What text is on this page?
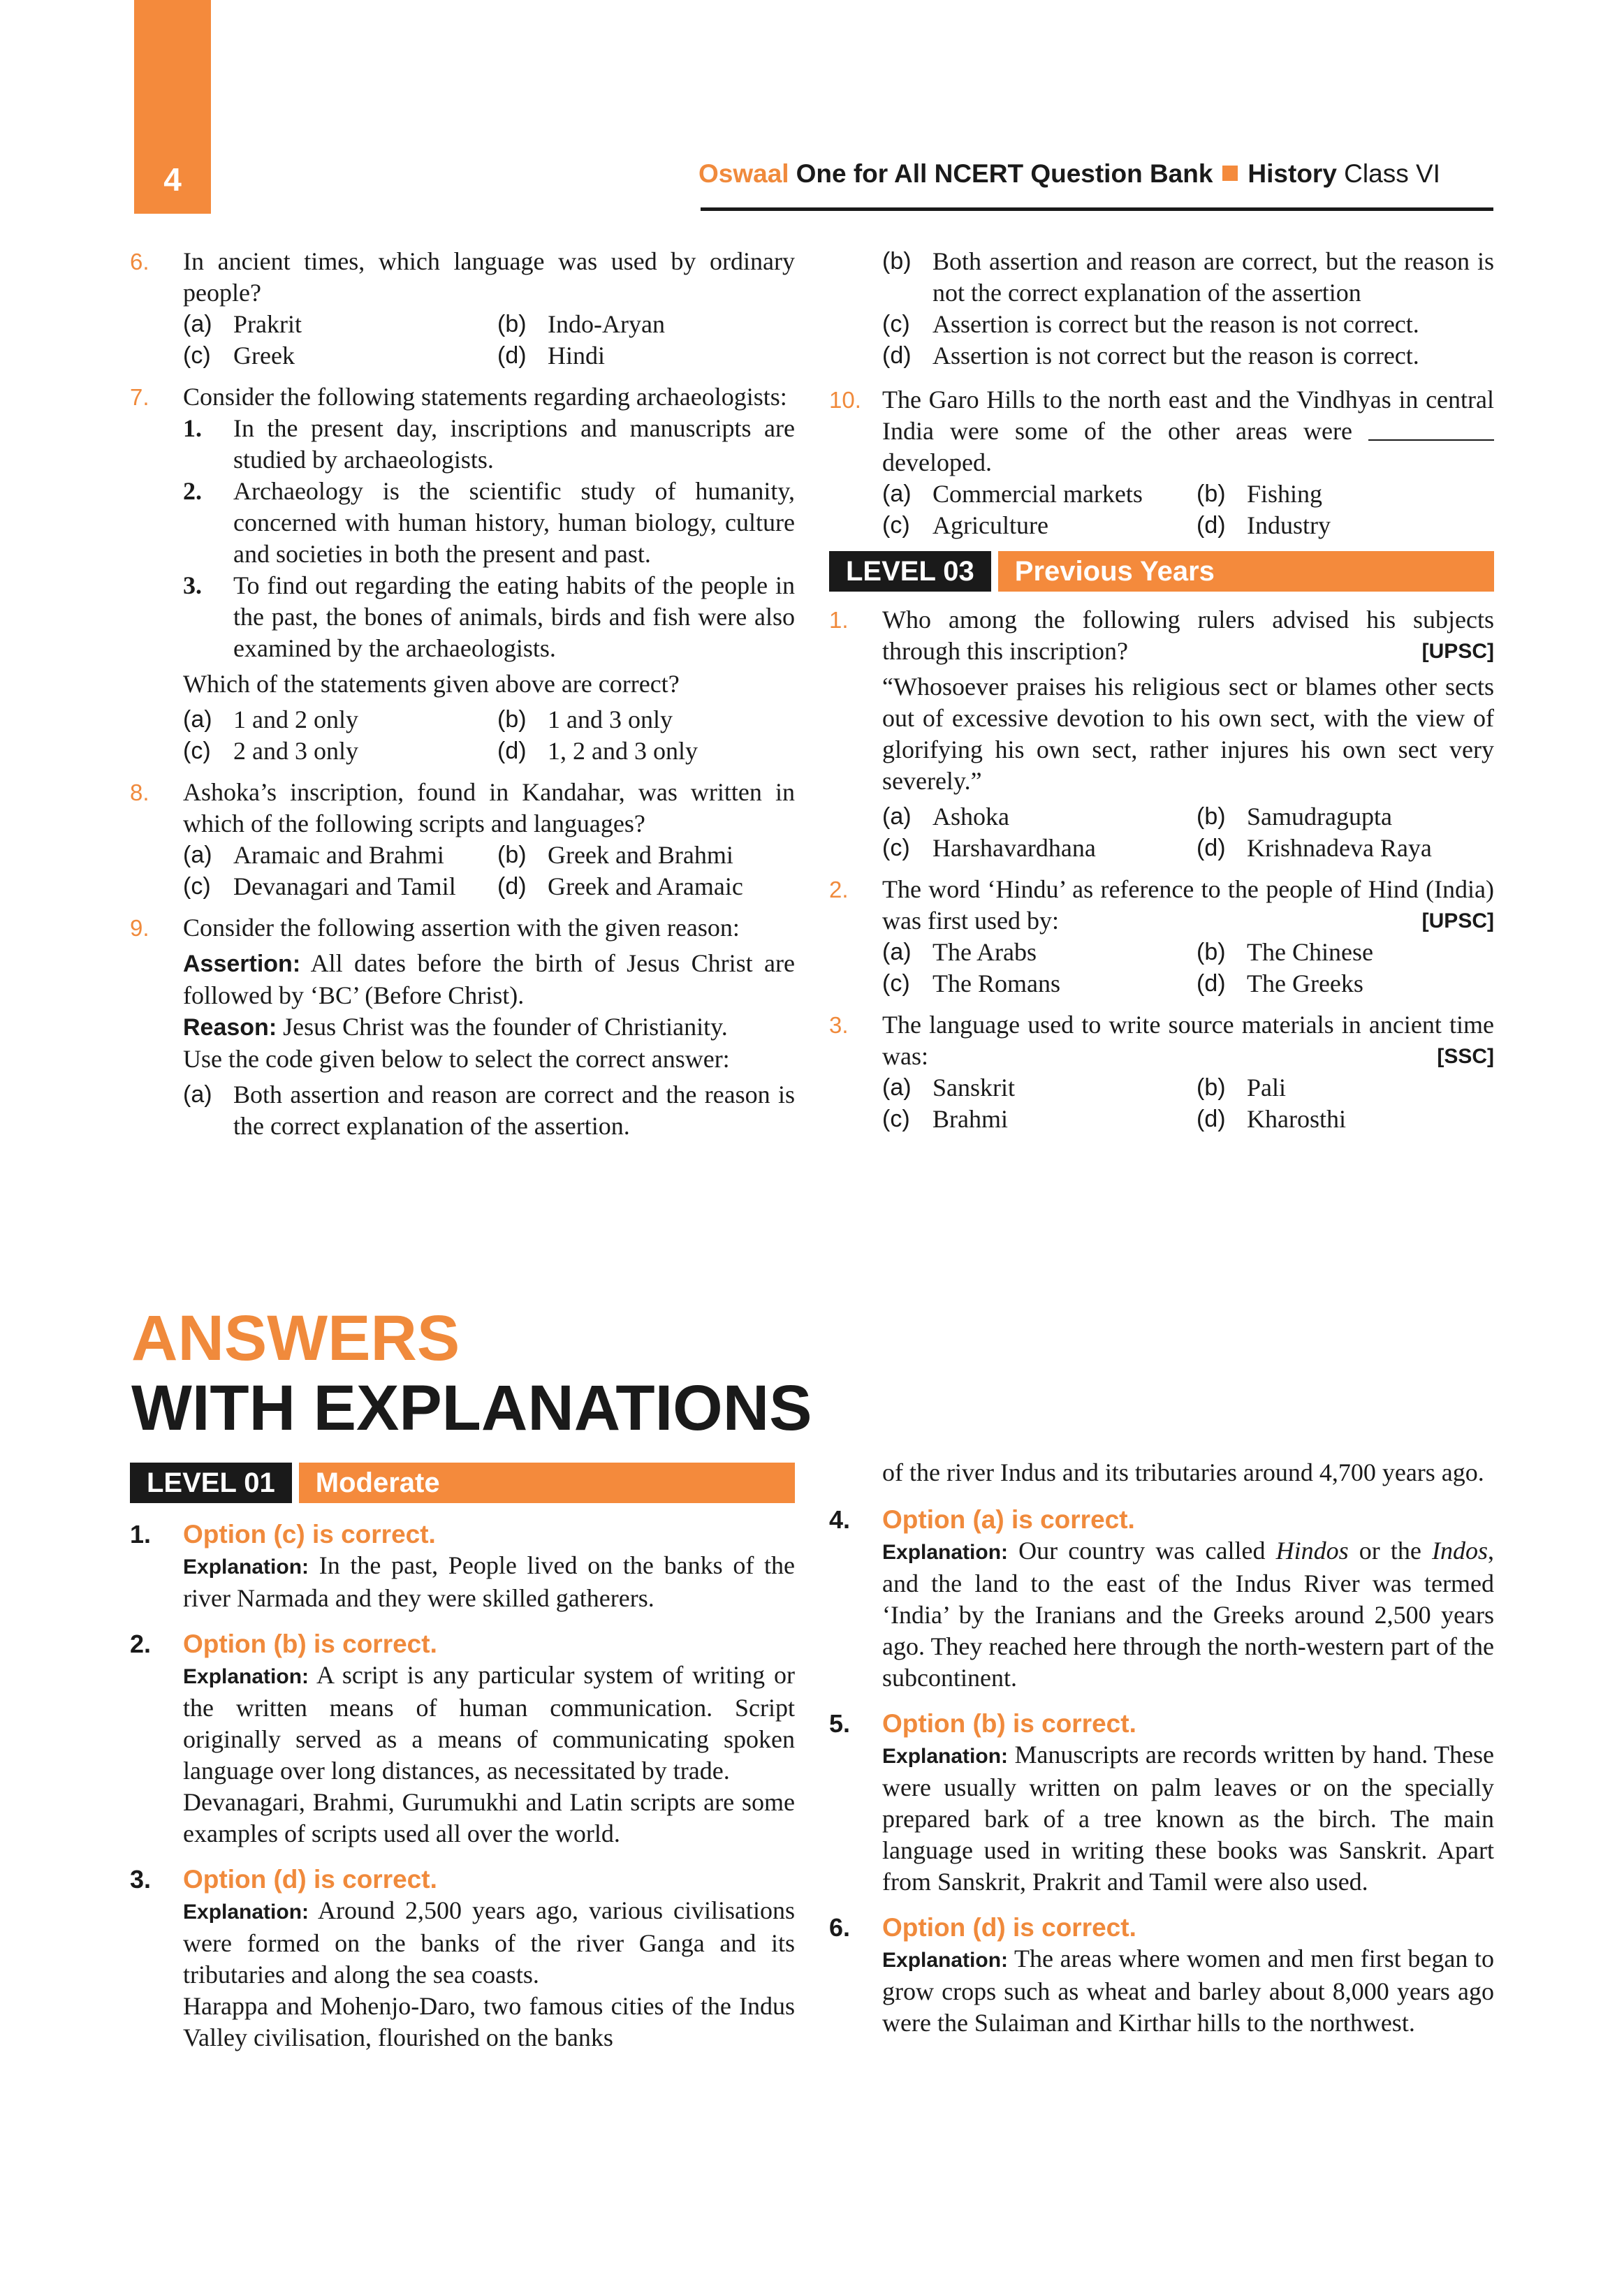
4	Oswaal One for All NCERT Question Bank History Class VI
6. In ancient times, which language was used by ordinary people?

(a) Prakrit	(b) Indo-Aryan
(c) Greek	(d) Hindi
7. Consider the following statements regarding archaeologists:

1. In the present day, inscriptions and manuscripts are studied by archaeologists.
2. Archaeology is the scientific study of humanity, concerned with human history, human biology, culture and societies in both the present and past.
3. To find out regarding the eating habits of the people in the past, the bones of animals, birds and fish were also examined by the archaeologists.

Which of the statements given above are correct?

(a) 1 and 2 only	(b) 1 and 3 only
(c) 2 and 3 only	(d) 1, 2 and 3 only
8. Ashoka’s inscription, found in Kandahar, was written in which of the following scripts and languages?

(a) Aramaic and Brahmi	(b) Greek and Brahmi
(c) Devanagari and Tamil	(d) Greek and Aramaic
9. Consider the following assertion with the given reason:

Assertion: All dates before the birth of Jesus Christ are followed by ‘BC’ (Before Christ).

Reason: Jesus Christ was the founder of Christianity.

Use the code given below to select the correct answer:

(a) Both assertion and reason are correct and the reason is the correct explanation of the assertion.
(b) Both assertion and reason are correct, but the reason is not the correct explanation of the assertion
(c) Assertion is correct but the reason is not correct.
(d) Assertion is not correct but the reason is correct.
10. The Garo Hills to the north east and the Vindhyas in central India were some of the other areas were  developed.

(a) Commercial markets	(b) Fishing
(c) Agriculture	(d) Industry
LEVEL 03	Previous Years
1. Who among the following rulers advised his subjects through this inscription?	[UPSC]

“Whosoever praises his religious sect or blames other sects out of excessive devotion to his own sect, with the view of glorifying his own sect, rather injures his own sect very severely.”

(a) Ashoka	(b) Samudragupta
(c) Harshavardhana	(d) Krishnadeva Raya
2. The word ‘Hindu’ as reference to the people of Hind (India) was first used by:	[UPSC]

(a) The Arabs	(b) The Chinese
(c) The Romans	(d) The Greeks
3. The language used to write source materials in ancient time was:	[SSC]

(a) Sanskrit	(b) Pali
(c) Brahmi	(d) Kharosthi
ANSWERS
WITH EXPLANATIONS
LEVEL 01	Moderate
1. Option (c) is correct.

Explanation: In the past, People lived on the banks of the river Narmada and they were skilled gatherers.

2. Option (b) is correct.

Explanation: A script is any particular system of writing or the written means of human communication. Script originally served as a means of communicating spoken language over long distances, as necessitated by trade.

Devanagari, Brahmi, Gurumukhi and Latin scripts are some examples of scripts used all over the world.

3. Option (d) is correct.

Explanation: Around 2,500 years ago, various civilisations were formed on the banks of the river Ganga and its tributaries and along the sea coasts.

Harappa and Mohenjo-Daro, two famous cities of the Indus Valley civilisation, flourished on the banks

of the river Indus and its tributaries around 4,700 years ago.

4. Option (a) is correct.

Explanation: Our country was called Hindos or the Indos, and the land to the east of the Indus River was termed ‘India’ by the Iranians and the Greeks around 2,500 years ago. They reached here through the north-western part of the subcontinent.

5. Option (b) is correct.

Explanation: Manuscripts are records written by hand. These were usually written on palm leaves or on the specially prepared bark of a tree known as the birch. The main language used in writing these books was Sanskrit. Apart from Sanskrit, Prakrit and Tamil were also used.

6. Option (d) is correct.

Explanation: The areas where women and men first began to grow crops such as wheat and barley about 8,000 years ago were the Sulaiman and Kirthar hills to the northwest.
